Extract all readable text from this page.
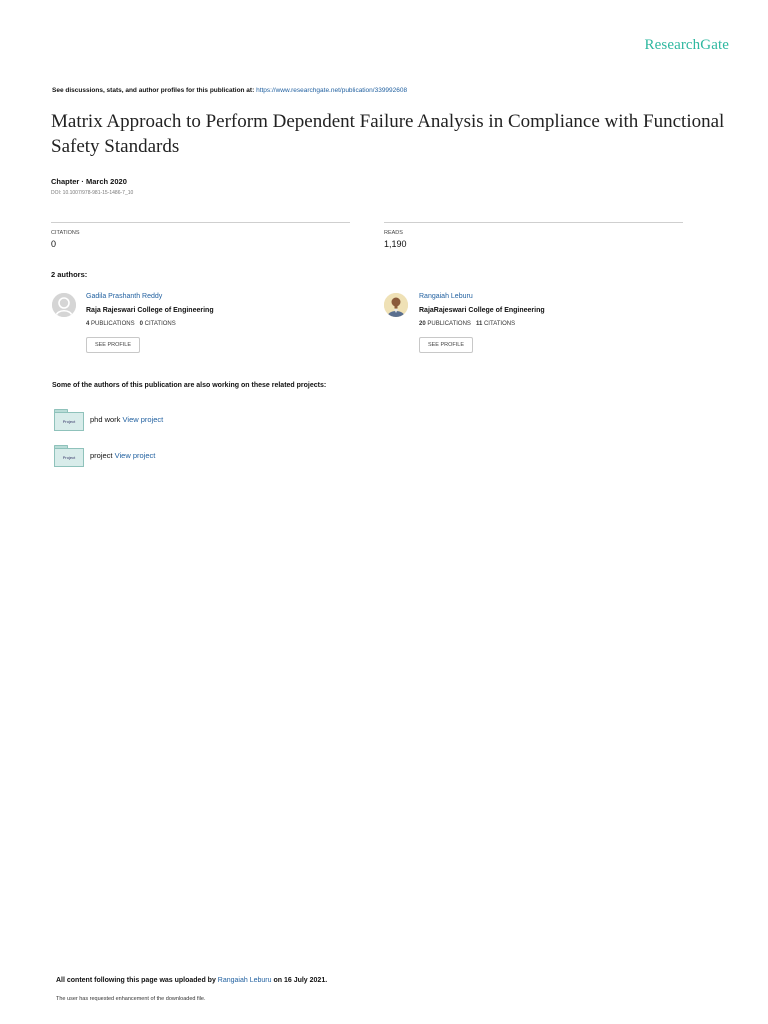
ResearchGate
See discussions, stats, and author profiles for this publication at: https://www.researchgate.net/publication/339992608
Matrix Approach to Perform Dependent Failure Analysis in Compliance with Functional Safety Standards
Chapter · March 2020
DOI: 10.1007/978-981-15-1486-7_10
CITATIONS
0
READS
1,190
2 authors:
Gadila Prashanth Reddy
Raja Rajeswari College of Engineering
4 PUBLICATIONS 0 CITATIONS
SEE PROFILE
Rangaiah Leburu
RajaRajeswari College of Engineering
20 PUBLICATIONS 11 CITATIONS
SEE PROFILE
Some of the authors of this publication are also working on these related projects:
Project	phd work View project
Project	project View project
All content following this page was uploaded by Rangaiah Leburu on 16 July 2021.
The user has requested enhancement of the downloaded file.
